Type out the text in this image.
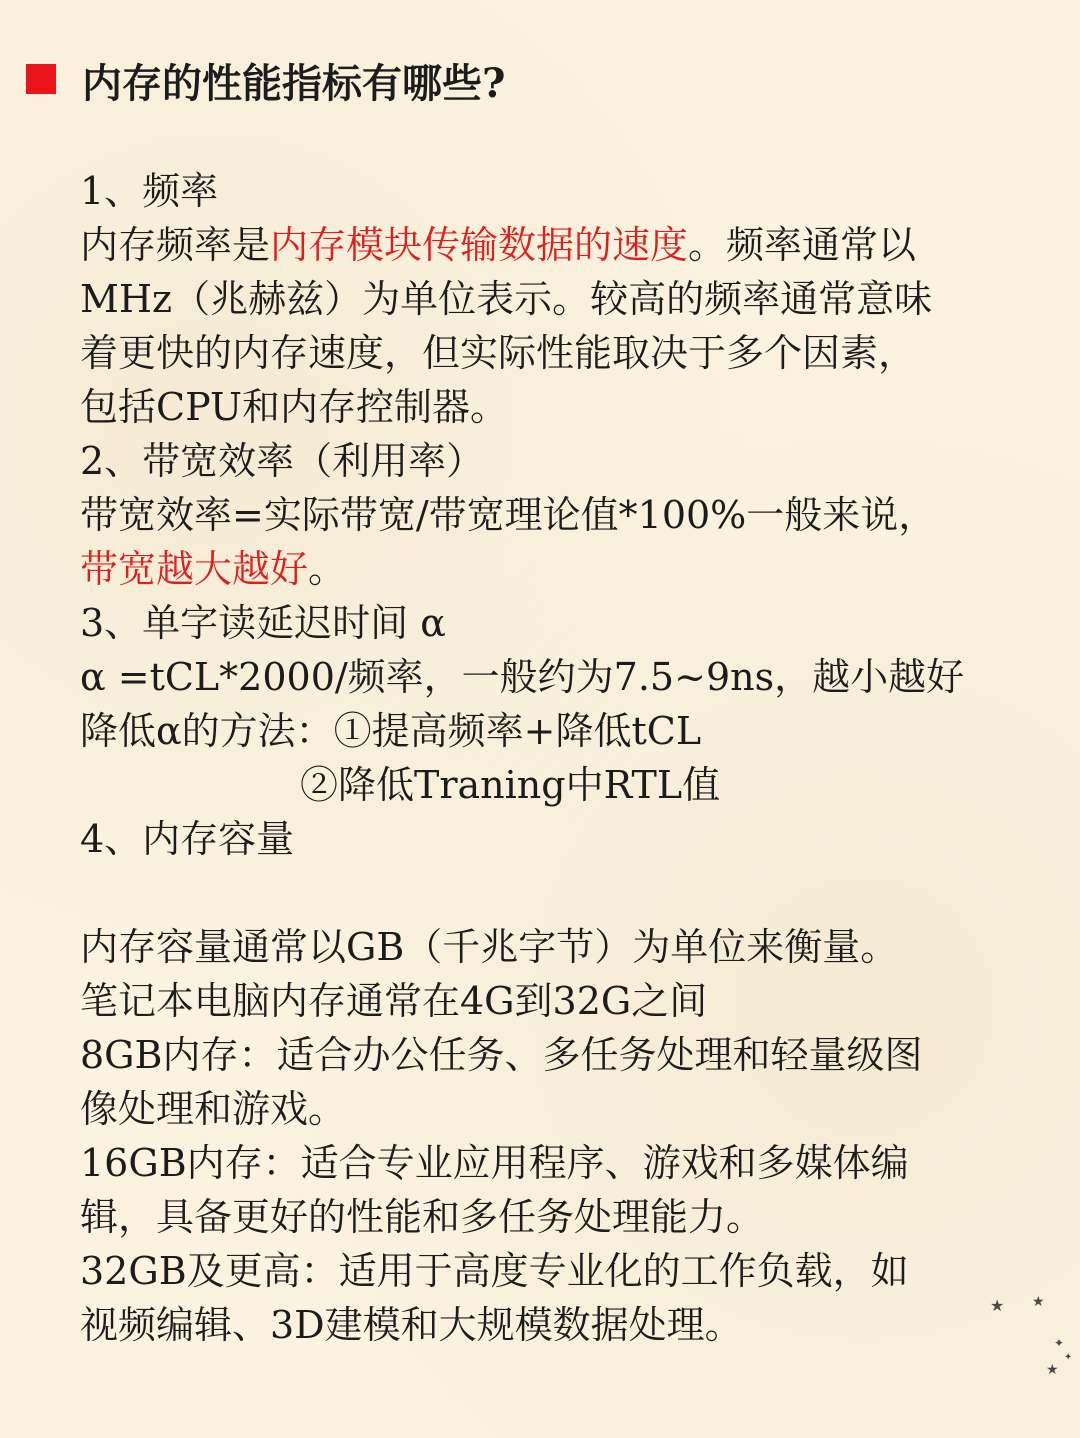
内存的性能指标有哪些?
1、频率
内存频率是内存模块传输数据的速度。频率通常以
MHz（兆赫兹）为单位表示。较高的频率通常意味
着更快的内存速度，但实际性能取决于多个因素，
包括CPU和内存控制器。
2、带宽效率（利用率）
带宽效率=实际带宽/带宽理论值*100%一般来说，
带宽越大越好。
3、单字读延迟时间 α
α =tCL*2000/频率，一般约为7.5~9ns，越小越好
降低α的方法：①提高频率+降低tCL
②降低Traning中RTL值
4、内存容量
内存容量通常以GB（千兆字节）为单位来衡量。
笔记本电脑内存通常在4G到32G之间
8GB内存：适合办公任务、多任务处理和轻量级图
像处理和游戏。
16GB内存：适合专业应用程序、游戏和多媒体编
辑，具备更好的性能和多任务处理能力。
32GB及更高：适用于高度专业化的工作负载，如
视频编辑、3D建模和大规模数据处理。	★ ★
✦
★
✦
